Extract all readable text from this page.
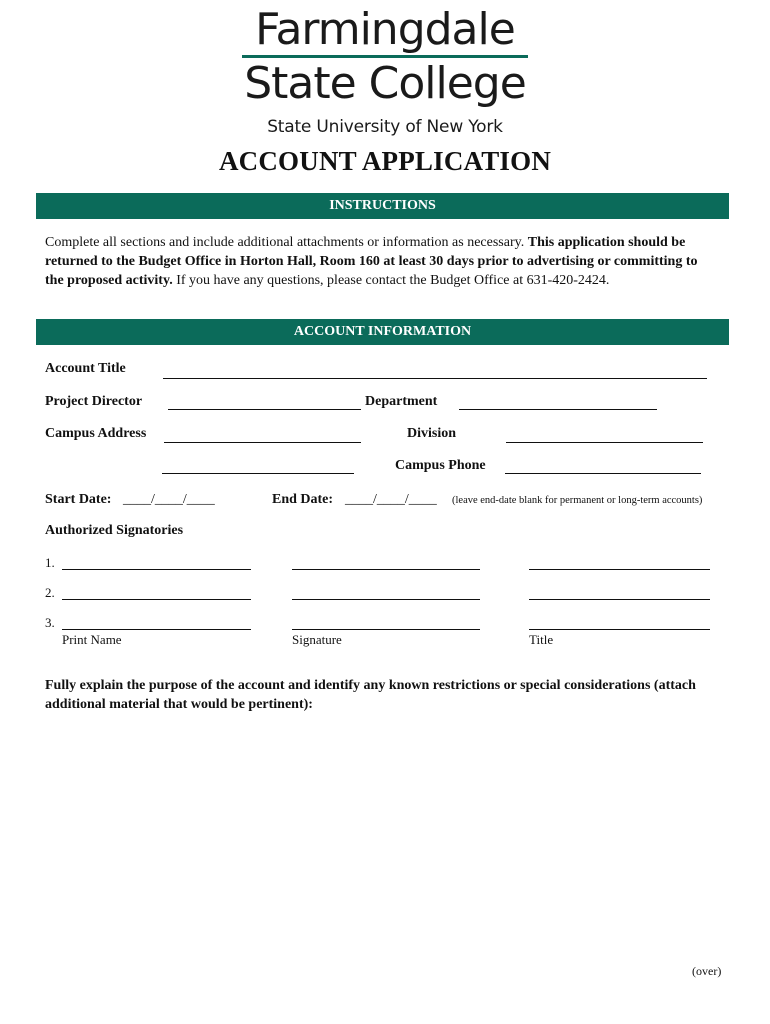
Farmingdale
State College
State University of New York
ACCOUNT APPLICATION
INSTRUCTIONS
Complete all sections and include additional attachments or information as necessary. This application should be returned to the Budget Office in Horton Hall, Room 160 at least 30 days prior to advertising or committing to the proposed activity. If you have any questions, please contact the Budget Office at 631-420-2424.
ACCOUNT INFORMATION
Account Title
Project Director	Department
Campus Address	Division
Campus Phone
Start Date: ____/____/____	End Date: ____/____/____ (leave end-date blank for permanent or long-term accounts)
Authorized Signatories
1.
2.
3.
Print Name	Signature	Title
Fully explain the purpose of the account and identify any known restrictions or special considerations (attach additional material that would be pertinent):
(over)
